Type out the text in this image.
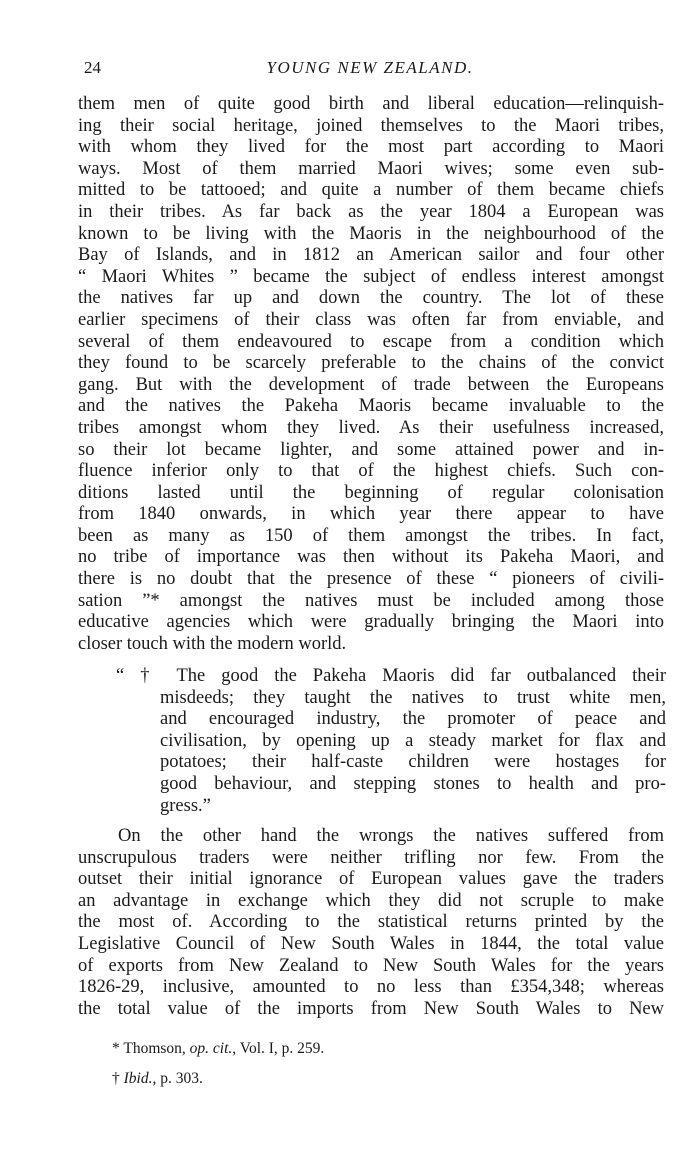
24	YOUNG NEW ZEALAND.
them men of quite good birth and liberal education—relinquish-
ing their social heritage, joined themselves to the Maori tribes,
with whom they lived for the most part according to Maori
ways. Most of them married Maori wives; some even sub-
mitted to be tattooed; and quite a number of them became chiefs
in their tribes. As far back as the year 1804 a European was
known to be living with the Maoris in the neighbourhood of the
Bay of Islands, and in 1812 an American sailor and four other
“ Maori Whites ” became the subject of endless interest amongst
the natives far up and down the country. The lot of these
earlier specimens of their class was often far from enviable, and
several of them endeavoured to escape from a condition which
they found to be scarcely preferable to the chains of the convict
gang. But with the development of trade between the Europeans
and the natives the Pakeha Maoris became invaluable to the
tribes amongst whom they lived. As their usefulness increased,
so their lot became lighter, and some attained power and in-
fluence inferior only to that of the highest chiefs. Such con-
ditions lasted until the beginning of regular colonisation
from 1840 onwards, in which year there appear to have
been as many as 150 of them amongst the tribes. In fact,
no tribe of importance was then without its Pakeha Maori, and
there is no doubt that the presence of these “ pioneers of civili-
sation ”* amongst the natives must be included among those
educative agencies which were gradually bringing the Maori into
closer touch with the modern world.
“ † The good the Pakeha Maoris did far outbalanced their
misdeeds; they taught the natives to trust white men,
and encouraged industry, the promoter of peace and
civilisation, by opening up a steady market for flax and
potatoes; their half-caste children were hostages for
good behaviour, and stepping stones to health and pro-
gress.”
On the other hand the wrongs the natives suffered from
unscrupulous traders were neither trifling nor few. From the
outset their initial ignorance of European values gave the traders
an advantage in exchange which they did not scruple to make
the most of. According to the statistical returns printed by the
Legislative Council of New South Wales in 1844, the total value
of exports from New Zealand to New South Wales for the years
1826-29, inclusive, amounted to no less than £354,348; whereas
the total value of the imports from New South Wales to New
* Thomson, op. cit., Vol. I, p. 259.
† Ibid., p. 303.
